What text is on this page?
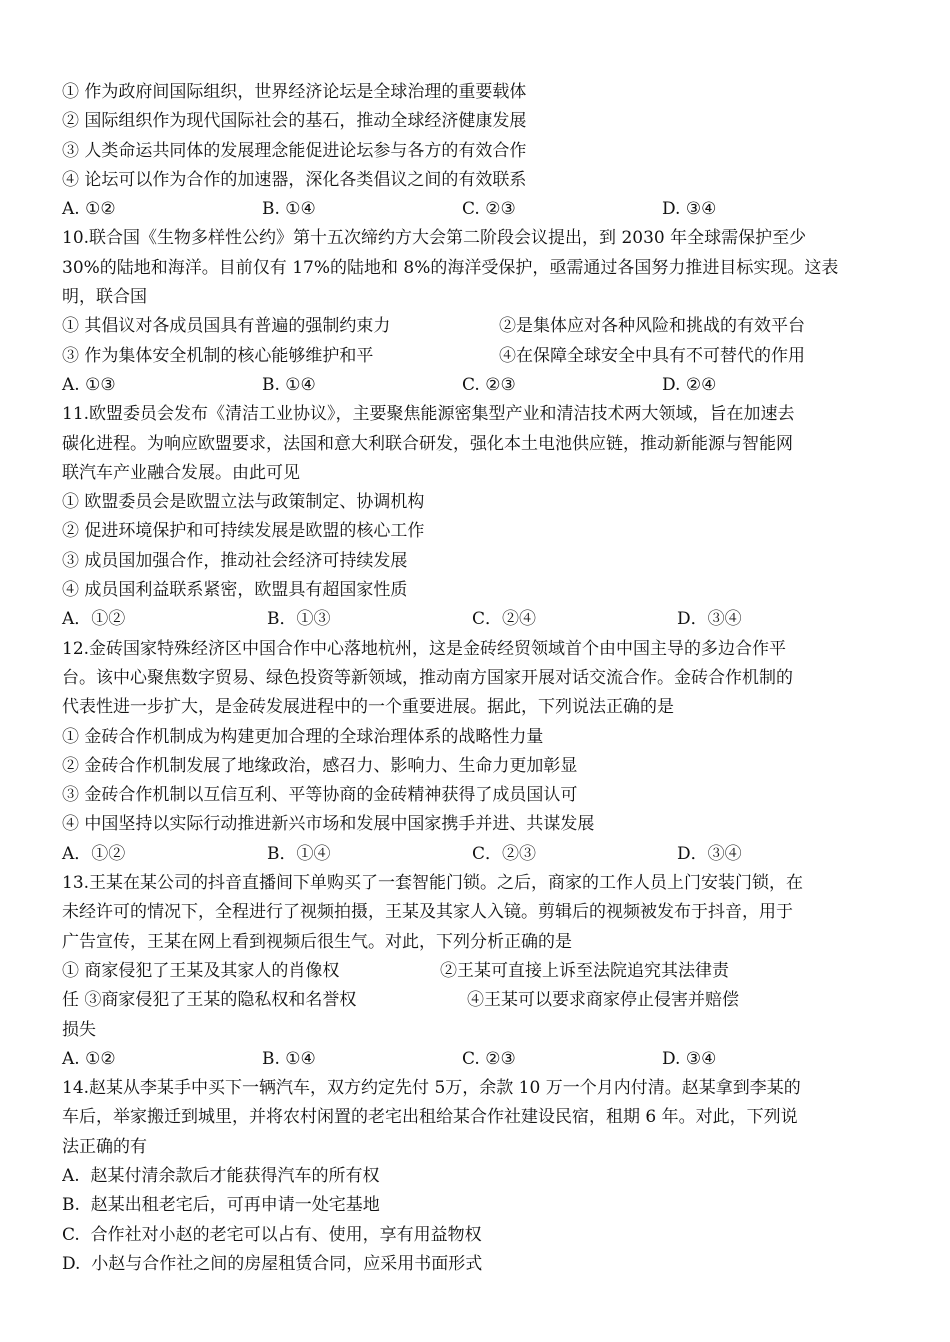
① 作为政府间国际组织，世界经济论坛是全球治理的重要载体
② 国际组织作为现代国际社会的基石，推动全球经济健康发展
③ 人类命运共同体的发展理念能促进论坛参与各方的有效合作
④ 论坛可以作为合作的加速器，深化各类倡议之间的有效联系
A. ①②	B. ①④	C. ②③	D. ③④
10.联合国《生物多样性公约》第十五次缔约方大会第二阶段会议提出，到 2030 年全球需保护至少
30%的陆地和海洋。目前仅有 17%的陆地和 8%的海洋受保护，亟需通过各国努力推进目标实现。这表
明，联合国
① 其倡议对各成员国具有普遍的强制约束力	②是集体应对各种风险和挑战的有效平台
③ 作为集体安全机制的核心能够维护和平	④在保障全球安全中具有不可替代的作用
A. ①③	B. ①④	C. ②③	D. ②④
11.欧盟委员会发布《清洁工业协议》，主要聚焦能源密集型产业和清洁技术两大领域，旨在加速去
碳化进程。为响应欧盟要求，法国和意大利联合研发，强化本土电池供应链，推动新能源与智能网
联汽车产业融合发展。由此可见
① 欧盟委员会是欧盟立法与政策制定、协调机构
② 促进环境保护和可持续发展是欧盟的核心工作
③ 成员国加强合作，推动社会经济可持续发展
④ 成员国利益联系紧密，欧盟具有超国家性质
A．①②	B．①③	C．②④	D．③④
12.金砖国家特殊经济区中国合作中心落地杭州，这是金砖经贸领域首个由中国主导的多边合作平
台。该中心聚焦数字贸易、绿色投资等新领域，推动南方国家开展对话交流合作。金砖合作机制的
代表性进一步扩大，是金砖发展进程中的一个重要进展。据此，下列说法正确的是
① 金砖合作机制成为构建更加合理的全球治理体系的战略性力量
② 金砖合作机制发展了地缘政治，感召力、影响力、生命力更加彰显
③ 金砖合作机制以互信互利、平等协商的金砖精神获得了成员国认可
④ 中国坚持以实际行动推进新兴市场和发展中国家携手并进、共谋发展
A．①②	B．①④	C．②③	D．③④
13.王某在某公司的抖音直播间下单购买了一套智能门锁。之后，商家的工作人员上门安装门锁，在
未经许可的情况下，全程进行了视频拍摄，王某及其家人入镜。剪辑后的视频被发布于抖音，用于
广告宣传，王某在网上看到视频后很生气。对此，下列分析正确的是
① 商家侵犯了王某及其家人的肖像权	②王某可直接上诉至法院追究其法律责
任 ③商家侵犯了王某的隐私权和名誉权	④王某可以要求商家停止侵害并赔偿
损失
A. ①②	B. ①④	C. ②③	D. ③④
14.赵某从李某手中买下一辆汽车，双方约定先付 5万，余款 10 万一个月内付清。赵某拿到李某的
车后，举家搬迁到城里，并将农村闲置的老宅出租给某合作社建设民宿，租期 6 年。对此，下列说
法正确的有
A.  赵某付清余款后才能获得汽车的所有权
B.  赵某出租老宅后，可再申请一处宅基地
C.  合作社对小赵的老宅可以占有、使用，享有用益物权
D.  小赵与合作社之间的房屋租赁合同，应采用书面形式
